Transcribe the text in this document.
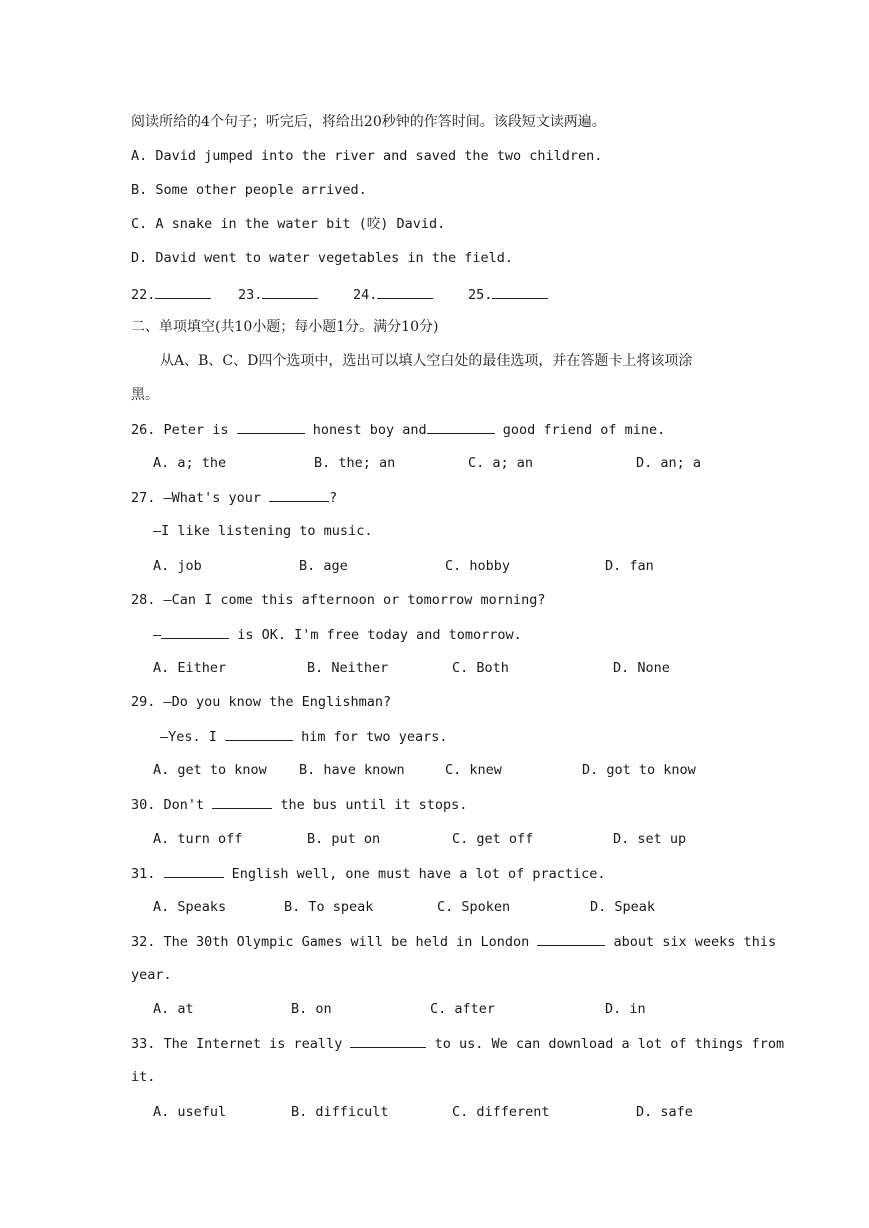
阅读所给的4个句子；听完后，将给出20秒钟的作答时间。该段短文读两遍。
A. David jumped into the river and saved the two children.
B. Some other people arrived.
C. A snake in the water bit (咬) David.
D. David went to water vegetables in the field.
22.	23.	24.	25.
二、单项填空(共10小题；每小题1分。满分10分)
从A、B、C、D四个选项中，选出可以填人空白处的最佳选项，并在答题卡上将该项涂
黑。
26. Peter is	honest boy and	good friend of mine.
A. a; the	B. the; an	C. a; an	D. an; a
27. —What's your	?
—I like listening to music.
A. job	B. age	C. hobby	D. fan
28. —Can I come this afternoon or tomorrow morning?
—	is OK. I'm free today and tomorrow.
A. Either	B. Neither	C. Both	D. None
29. —Do you know the Englishman?
—Yes. I	him for two years.
A. get to know B. have known	C. knew	D. got to know
30. Don't	the bus until it stops.
A. turn off	B. put on	C. get off	D. set up
31.	English well, one must have a lot of practice.
A. Speaks	B. To speak	C. Spoken	D. Speak
32. The 30th Olympic Games will be held in London	about six weeks this
year.
A. at	B. on	C. after	D. in
33. The Internet is really	to us. We can download a lot of things from
it.
A. useful	B. difficult	C. different	D. safe
